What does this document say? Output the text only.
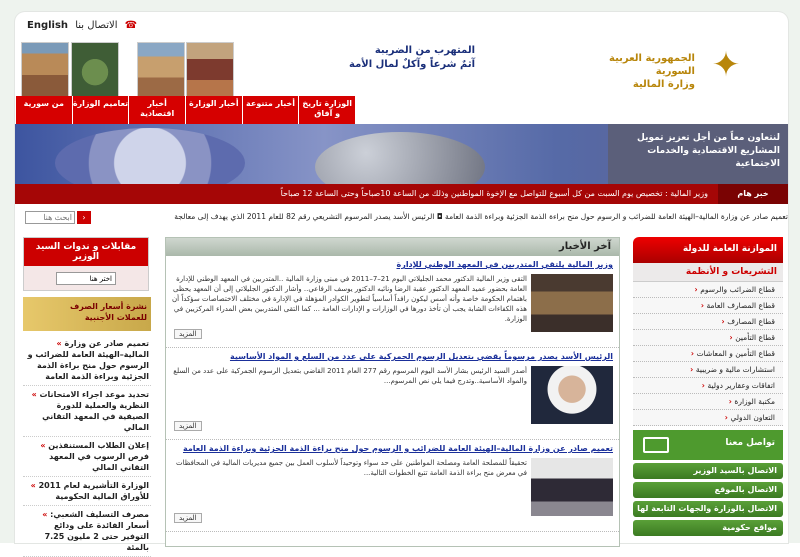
English الاتصال بنا ☎
المتهرب من الضريبة
آثمٌ شرعاً وآكلٌ لمال الأمة
الجمهورية العربية السورية
وزارة المالية ✦
الوزارة تاريخ و آفاق
أخبار متنوعة
أخبار الوزارة
أخبار اقتصادية
تعاميم الوزارة
من سورية
لنتعاون معاً من أجل تعزيز تمويل المشاريع الاقتصادية والخدمات الاجتماعية
وزير المالية : تخصيص يوم السبت من كل أسبوع للتواصل مع الإخوة المواطنين وذلك من الساعة 10صباحاً وحتى الساعة 12 صباحاً	خبر هام
تعميم صادر عن وزارة المالية–الهيئة العامة للضرائب و الرسوم حول منح براءة الذمة الجزئية وبراءة الذمة العامة ◘ الرئيس الأسد يصدر المرسوم التشريعي رقم 82 للعام 2011 الذي يهدف إلى معالجة
ابحث هنا
›
مقابلات و ندوات السيد الوزير
اختر هنا
نشرة أسعار الصرف
للعملات الأجنبية
« تعميم صادر عن وزارة المالية–الهيئة العامة للضرائب و الرسوم حول منح براءة الذمة الجزئية وبراءة الذمة العامة
« تحديد موعد اجراء الامتحانات النظرية والعملية للدورة الصيفية في المعهد التقاني المالي
« إعلان الطلاب المستنفذين فرص الرسوب في المعهد التقاني المالي
« الوزارة التأشيرية لعام 2011 للأوراق المالية الحكومية
« مصرف التسليف الشعبي: أسعار الفائدة على ودائع التوفير حتى 2 مليون 7.25 بالمئة
آخر الأخبار
وزير المالية يلتقي المتدربين في المعهد الوطني للإدارة
التقى وزير المالية الدكتور محمد الجليلاتي اليوم 21–7–2011 في مبنى وزارة المالية ..المتدربين في المعهد الوطني للإدارة العامة بحضور عميد المعهد الدكتور عقبة الرضا ونائبه الدكتور يوسف الرفاعي.. وأشار الدكتور الجليلاتي إلى أن المعهد يحظى باهتمام الحكومة خاصة وأنه أسس ليكون رافداً أساسياً لتطوير الكوادر المؤهلة في الإدارة في مختلف الاختصاصات سؤكداً أن هذه الكفاءات الشابة يجب أن تأخذ دورها في الوزارات و الإدارات العامة ... كما التقى المتدربين بعض المدراء المركزيين في الوزارة.
المزيد
الرئيس الأسد يصدر مرسوماً يقضي بتعديل الرسوم الجمركية على عدد من السلع و المواد الأساسية
أصدر السيد الرئيس بشار الأسد اليوم المرسوم رقم 277 العام 2011 القاضي بتعديل الرسوم الجمركية على عدد من السلع والمواد الأساسية..وتدرج فيما يلي نص المرسوم...
المزيد
تعميم صادر عن وزارة المالية–الهيئة العامة للضرائب و الرسوم حول منح براءة الذمة الجزئية وبراءة الذمة العامة
تحقيقاً للمصلحة العامة ومصلحة المواطنين على حد سواء وتوحيداً لأسلوب العمل بين جميع مديريات المالية في المحافظات في معرض منح براءة الذمة العامة تتبع الخطوات التالية...
المزيد
الموازنة العامة للدولة
التشريعات و الأنظمة
› قطاع الضرائب والرسوم
› قطاع المصارف العامة
› قطاع المصارف
› قطاع التأمين
› قطاع التأمين و المعاشات
› استشارات مالية و ضريبية
› اتفاقات وعقارير دولية
› مكتبة الوزارة
› التعاون الدولي
تواصل معنا
الاتصال بالسيد الوزير
الاتصال بالموقع
الاتصال بالوزارة والجهات التابعة لها
مواقع حكومية
